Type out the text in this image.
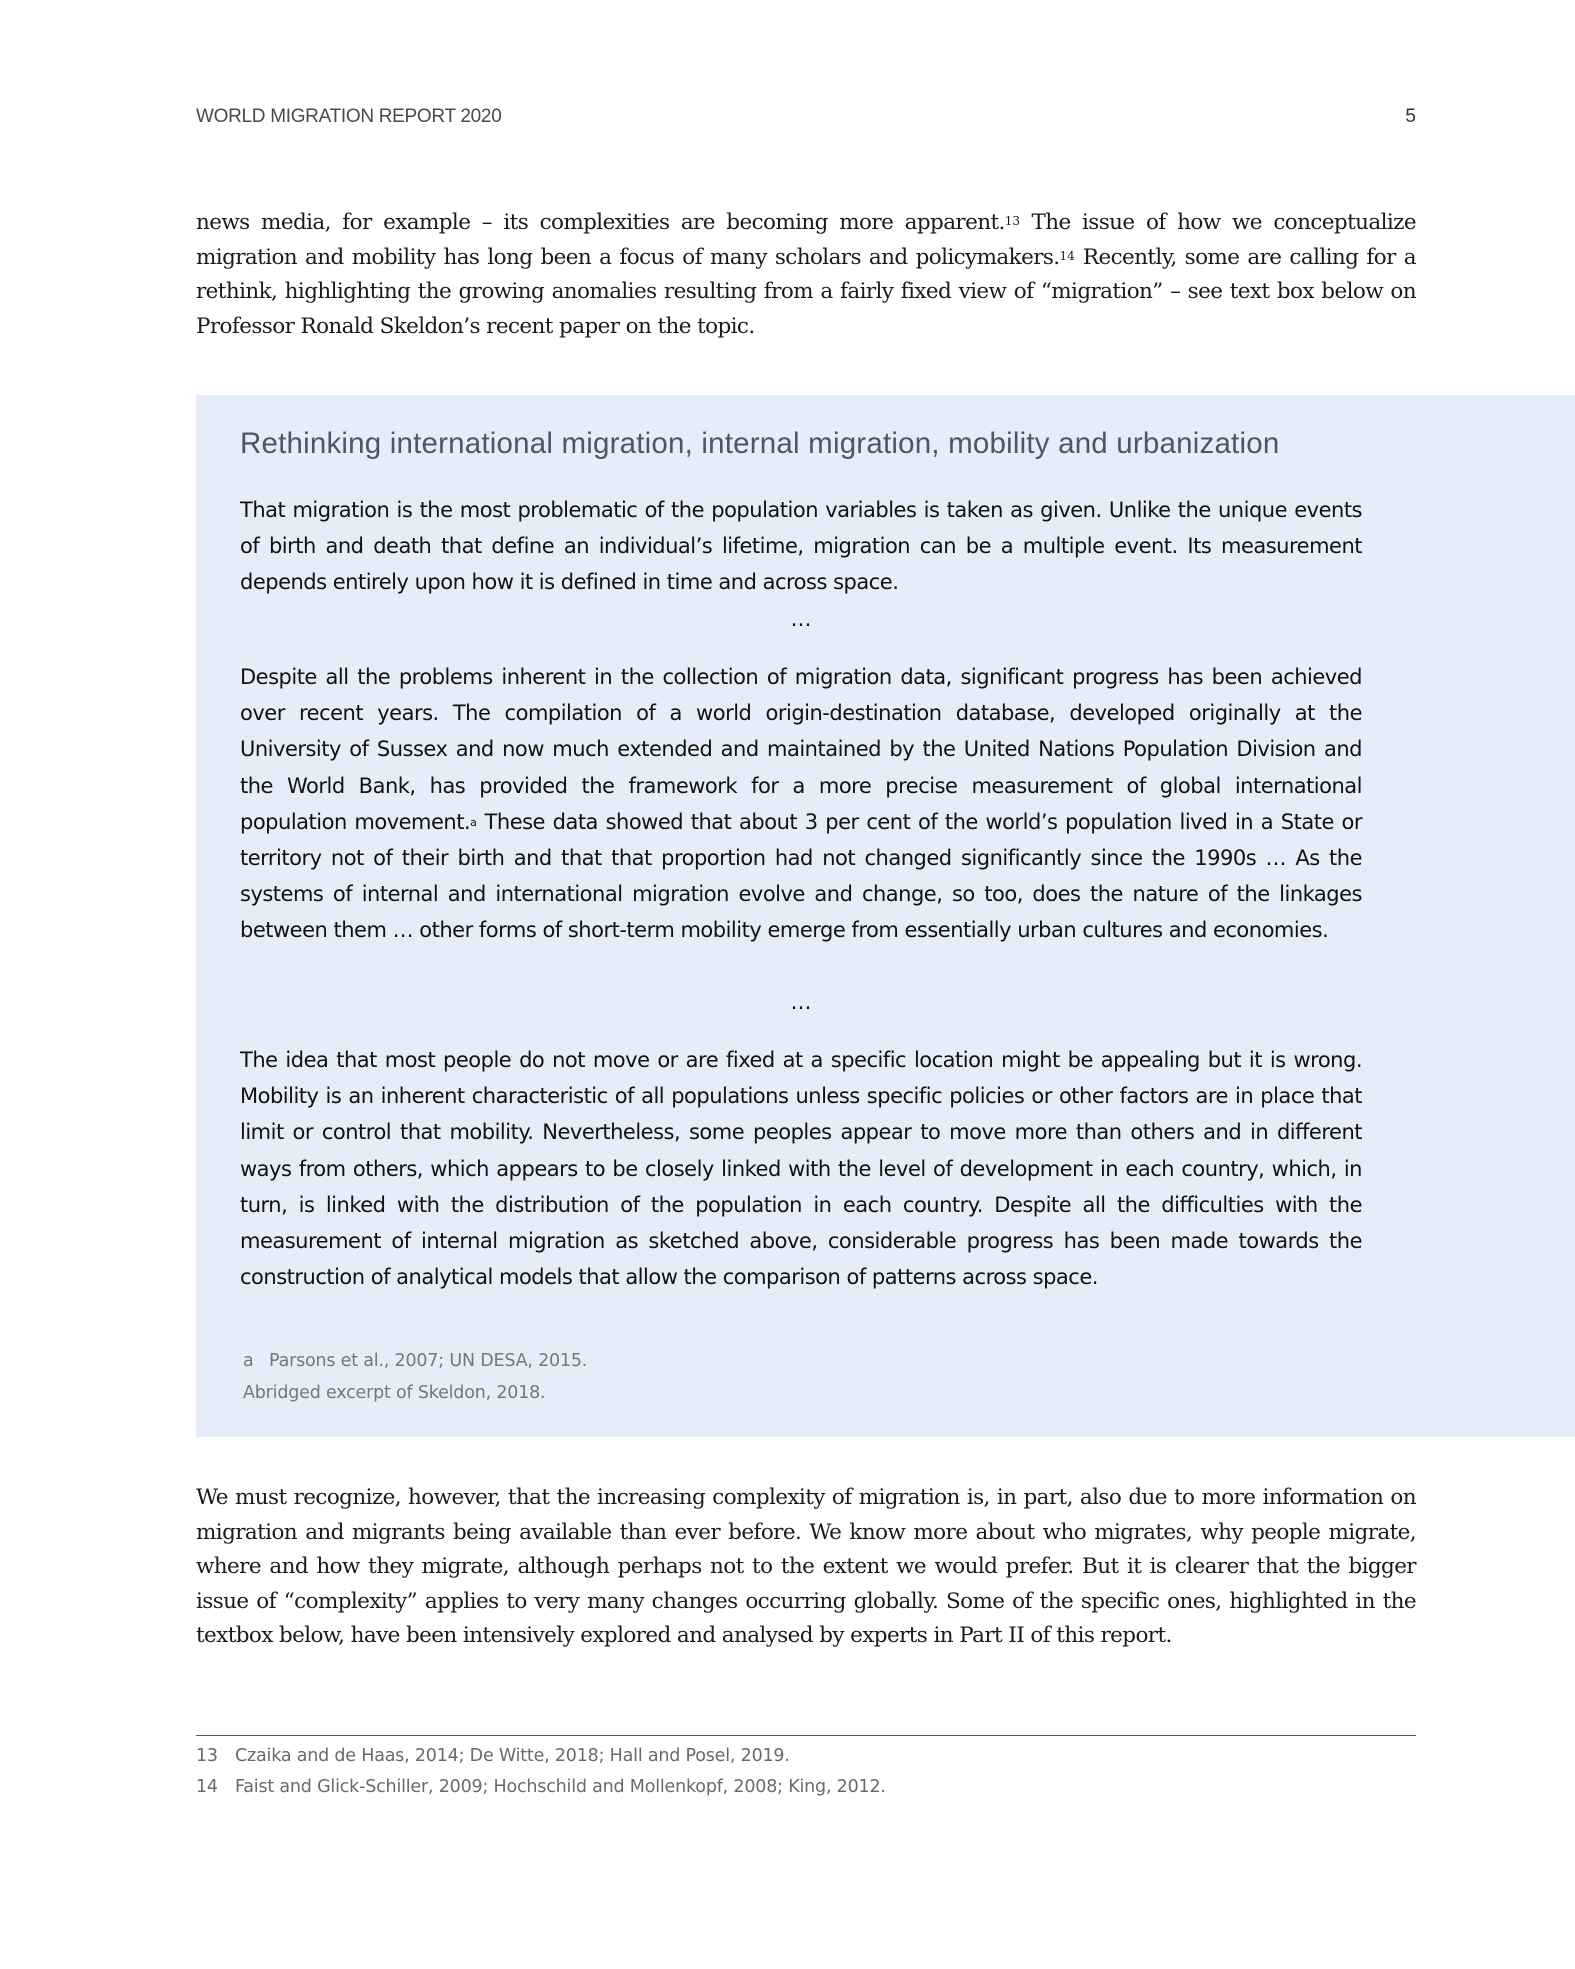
WORLD MIGRATION REPORT 2020	5

news media, for example – its complexities are becoming more apparent.$^{13}$ The issue of how we conceptualize migration and mobility has long been a focus of many scholars and policymakers.$^{14}$ Recently, some are calling for a rethink, highlighting the growing anomalies resulting from a fairly fixed view of “migration” – see text box below on Professor Ronald Skeldon’s recent paper on the topic.

Rethinking international migration, internal migration, mobility and urbanization

That migration is the most problematic of the population variables is taken as given. Unlike the unique events of birth and death that define an individual’s lifetime, migration can be a multiple event. Its measurement depends entirely upon how it is defined in time and across space.

…

Despite all the problems inherent in the collection of migration data, significant progress has been achieved over recent years. The compilation of a world origin-destination database, developed originally at the University of Sussex and now much extended and maintained by the United Nations Population Division and the World Bank, has provided the framework for a more precise measurement of global international population movement.$^a$ These data showed that about 3 per cent of the world’s population lived in a State or territory not of their birth and that that proportion had not changed significantly since the 1990s … As the systems of internal and international migration evolve and change, so too, does the nature of the linkages between them … other forms of short-term mobility emerge from essentially urban cultures and economies.

…

The idea that most people do not move or are fixed at a specific location might be appealing but it is wrong. Mobility is an inherent characteristic of all populations unless specific policies or other factors are in place that limit or control that mobility. Nevertheless, some peoples appear to move more than others and in different ways from others, which appears to be closely linked with the level of development in each country, which, in turn, is linked with the distribution of the population in each country. Despite all the difficulties with the measurement of internal migration as sketched above, considerable progress has been made towards the construction of analytical models that allow the comparison of patterns across space.

a Parsons et al., 2007; UN DESA, 2015.
Abridged excerpt of Skeldon, 2018.

We must recognize, however, that the increasing complexity of migration is, in part, also due to more information on migration and migrants being available than ever before. We know more about who migrates, why people migrate, where and how they migrate, although perhaps not to the extent we would prefer. But it is clearer that the bigger issue of “complexity” applies to very many changes occurring globally. Some of the specific ones, highlighted in the textbox below, have been intensively explored and analysed by experts in Part II of this report.

13 Czaika and de Haas, 2014; De Witte, 2018; Hall and Posel, 2019.
14 Faist and Glick-Schiller, 2009; Hochschild and Mollenkopf, 2008; King, 2012.
